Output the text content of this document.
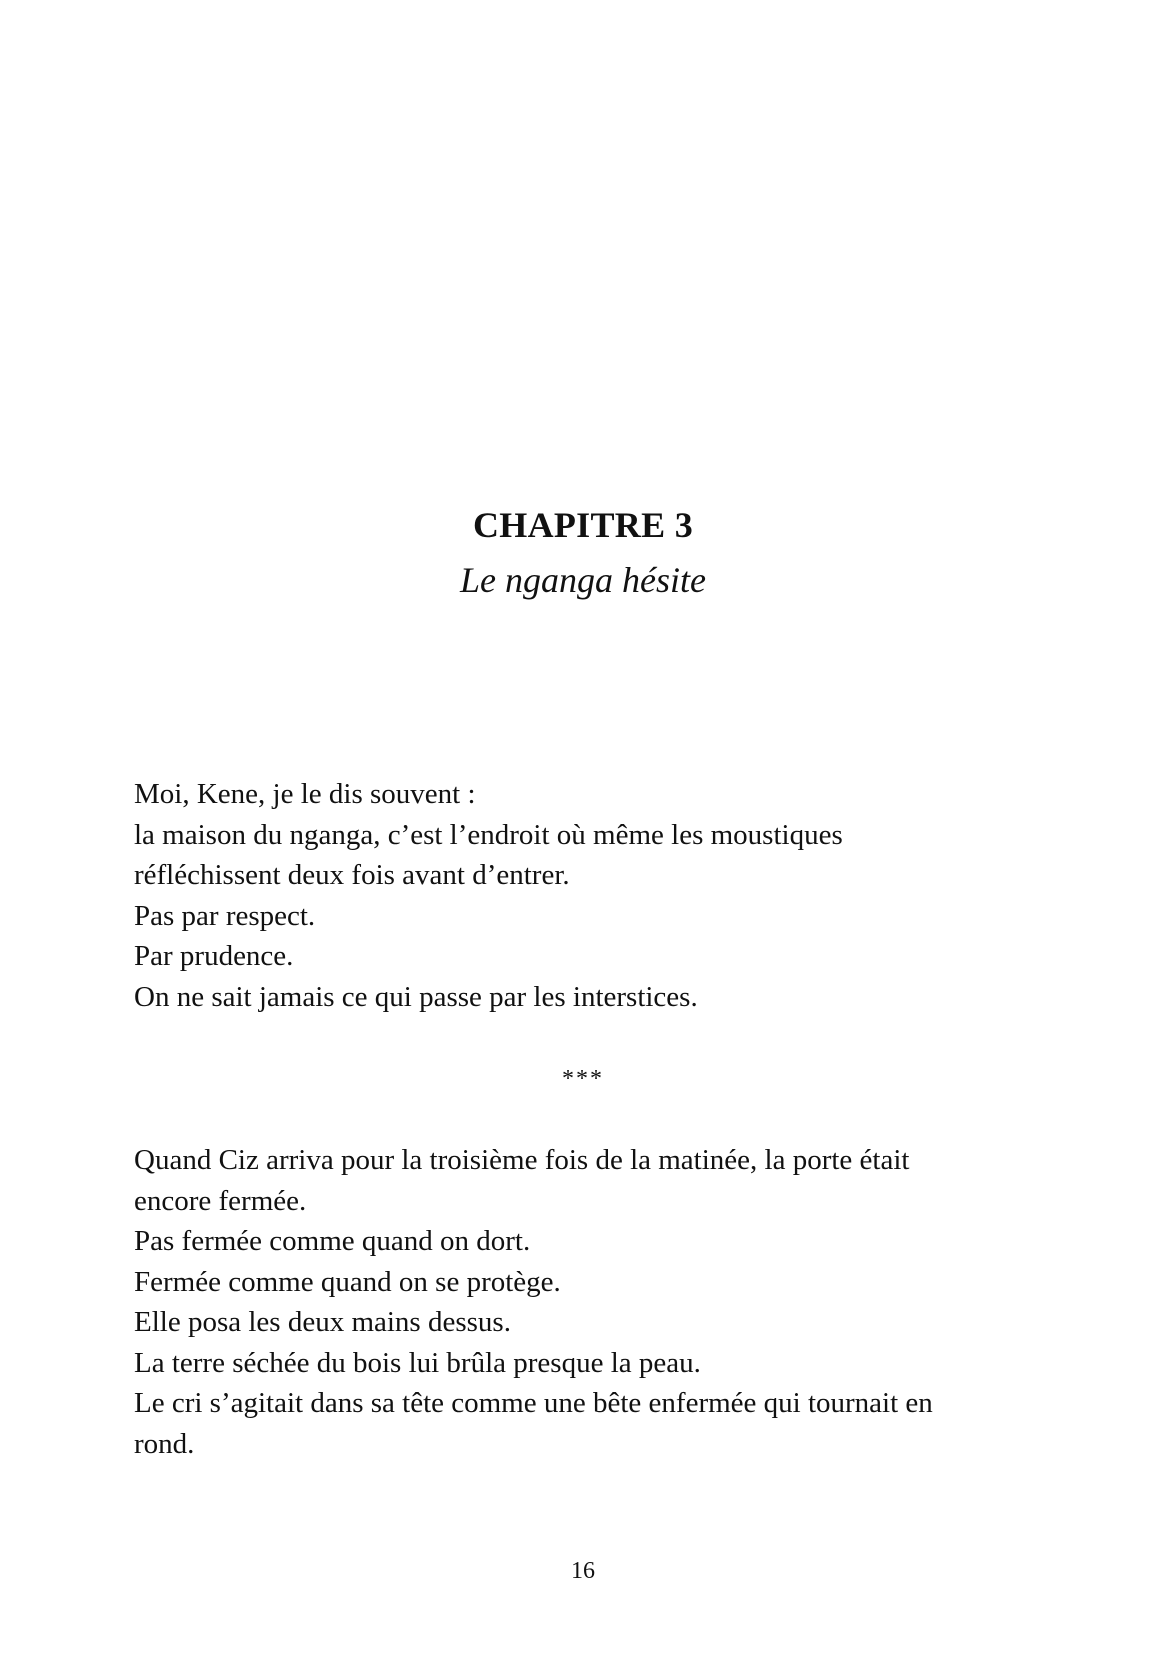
CHAPITRE 3
Le nganga hésite
Moi, Kene, je le dis souvent :
la maison du nganga, c’est l’endroit où même les moustiques
réfléchissent deux fois avant d’entrer.
Pas par respect.
Par prudence.
On ne sait jamais ce qui passe par les interstices.
***
Quand Ciz arriva pour la troisième fois de la matinée, la porte était
encore fermée.
Pas fermée comme quand on dort.
Fermée comme quand on se protège.
Elle posa les deux mains dessus.
La terre séchée du bois lui brûla presque la peau.
Le cri s’agitait dans sa tête comme une bête enfermée qui tournait en
rond.
16
